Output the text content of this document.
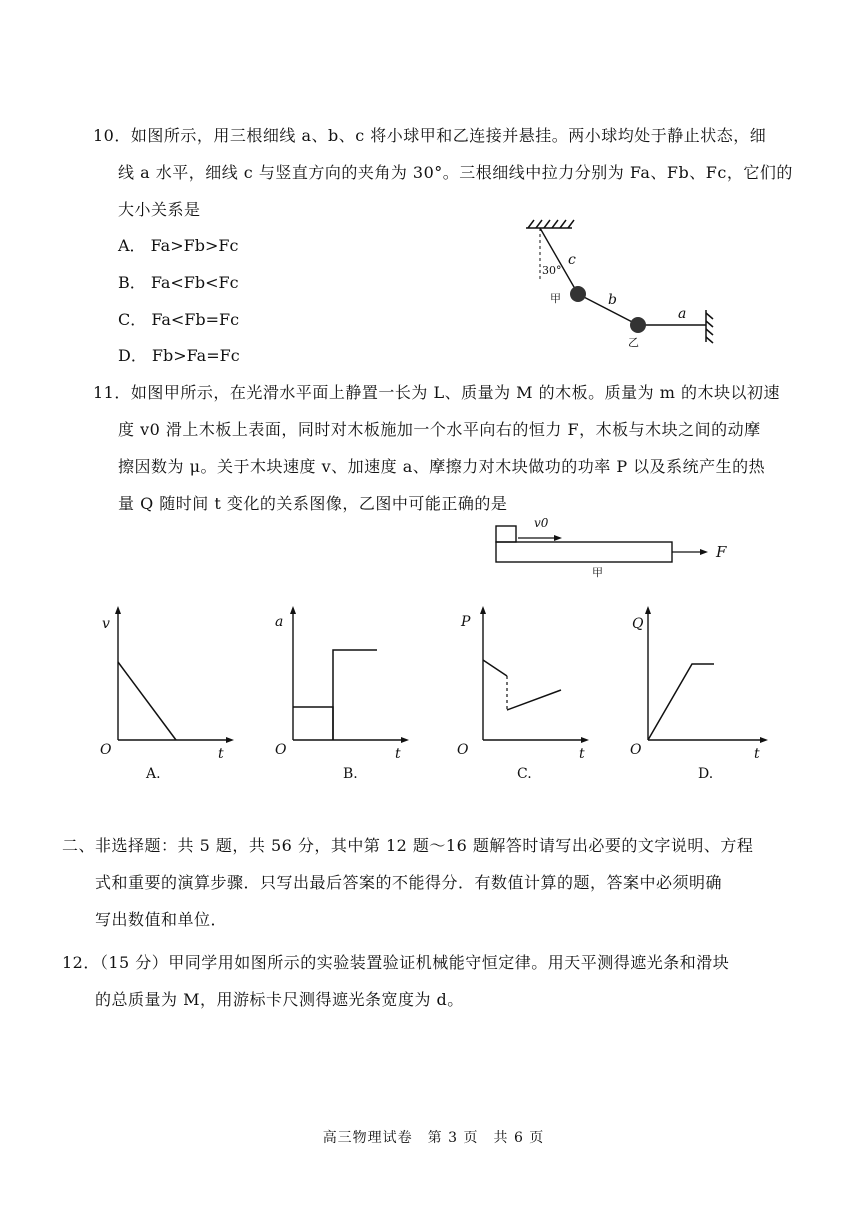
10．如图所示，用三根细线 a、b、c 将小球甲和乙连接并悬挂。两小球均处于静止状态，细
线 a 水平，细线 c 与竖直方向的夹角为 30°。三根细线中拉力分别为 Fa、Fb、Fc，它们的
大小关系是
A． Fa>Fb>Fc
B． Fa<Fb<Fc
C． Fa<Fb=Fc
D． Fb>Fa=Fc
30°
c
b
a
甲
乙
11．如图甲所示，在光滑水平面上静置一长为 L、质量为 M 的木板。质量为 m 的木块以初速
度 v0 滑上木板上表面，同时对木板施加一个水平向右的恒力 F，木板与木块之间的动摩
擦因数为 μ。关于木块速度 v、加速度 a、摩擦力对木块做功的功率 P 以及系统产生的热
量 Q 随时间 t 变化的关系图像，乙图中可能正确的是
v0
F
甲
v
O	t
A.
a
O	t
B.
P
O	t
C.
Q
O	t
D.
二、非选择题：共 5 题，共 56 分，其中第 12 题～16 题解答时请写出必要的文字说明、方程
式和重要的演算步骤．只写出最后答案的不能得分．有数值计算的题，答案中必须明确
写出数值和单位．
12．（15 分）甲同学用如图所示的实验装置验证机械能守恒定律。用天平测得遮光条和滑块
的总质量为 M，用游标卡尺测得遮光条宽度为 d。
高三物理试卷　第 3 页　共 6 页
